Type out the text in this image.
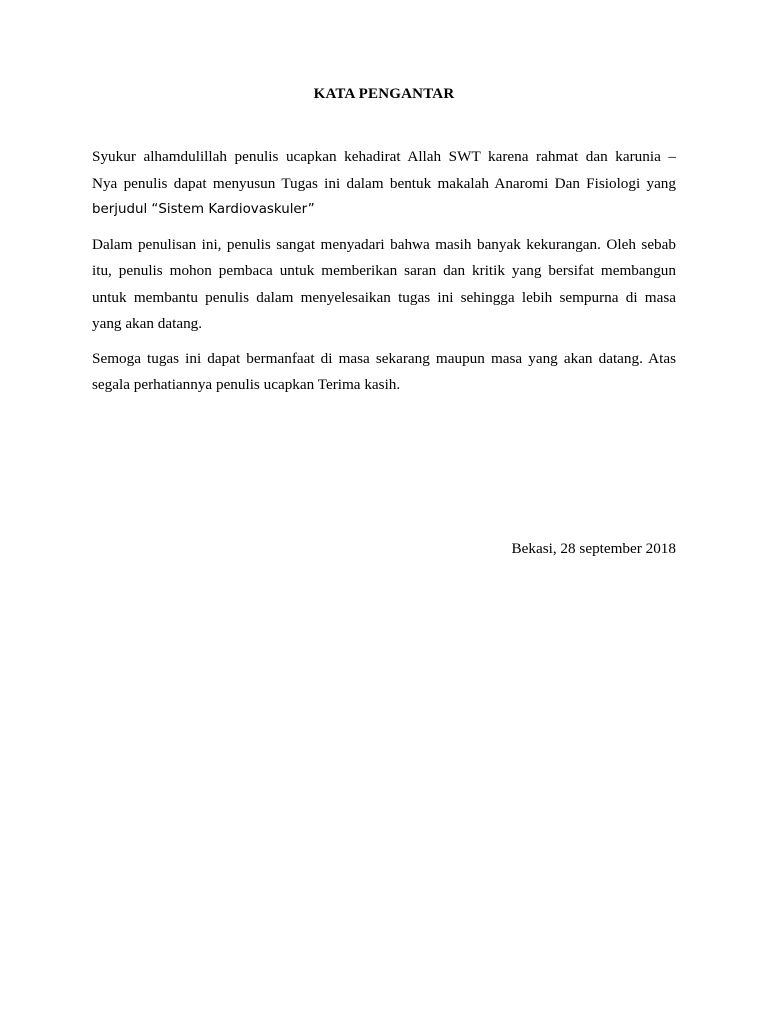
KATA PENGANTAR

Syukur alhamdulillah penulis ucapkan kehadirat Allah SWT karena rahmat dan karunia –
Nya penulis dapat menyusun Tugas ini dalam bentuk makalah Anaromi Dan Fisiologi yang
berjudul “Sistem Kardiovaskuler”

Dalam penulisan ini, penulis sangat menyadari bahwa masih banyak kekurangan. Oleh sebab
itu, penulis mohon pembaca untuk memberikan saran dan kritik yang bersifat membangun
untuk membantu penulis dalam menyelesaikan tugas ini sehingga lebih sempurna di masa
yang akan datang.

Semoga tugas ini dapat bermanfaat di masa sekarang maupun masa yang akan datang. Atas
segala perhatiannya penulis ucapkan Terima kasih.

Bekasi, 28 september 2018
